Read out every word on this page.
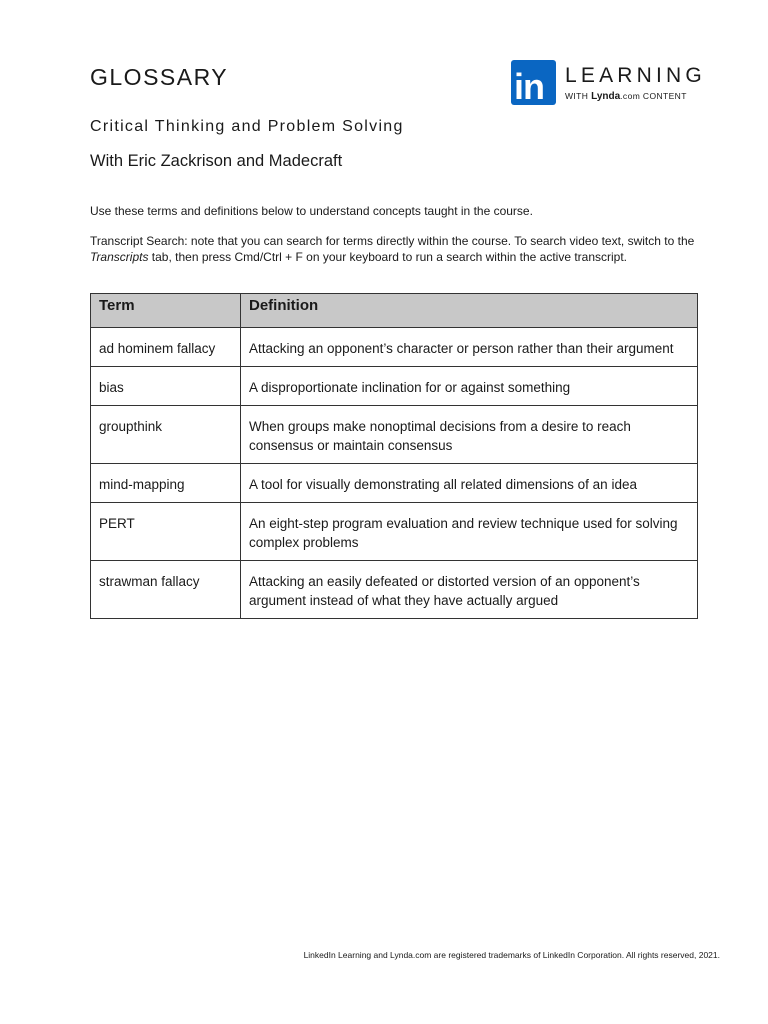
GLOSSARY	in LEARNING
WITH Lynda.com CONTENT
Critical Thinking and Problem Solving
With Eric Zackrison and Madecraft
Use these terms and definitions below to understand concepts taught in the course.
Transcript Search: note that you can search for terms directly within the course. To search video text, switch to the Transcripts tab, then press Cmd/Ctrl + F on your keyboard to run a search within the active transcript.
Term	Definition
ad hominem fallacy	Attacking an opponent’s character or person rather than their argument
bias	A disproportionate inclination for or against something
groupthink	When groups make nonoptimal decisions from a desire to reach consensus or maintain consensus
mind-mapping	A tool for visually demonstrating all related dimensions of an idea
PERT	An eight-step program evaluation and review technique used for solving complex problems
strawman fallacy	Attacking an easily defeated or distorted version of an opponent’s argument instead of what they have actually argued
LinkedIn Learning and Lynda.com are registered trademarks of LinkedIn Corporation. All rights reserved, 2021.
